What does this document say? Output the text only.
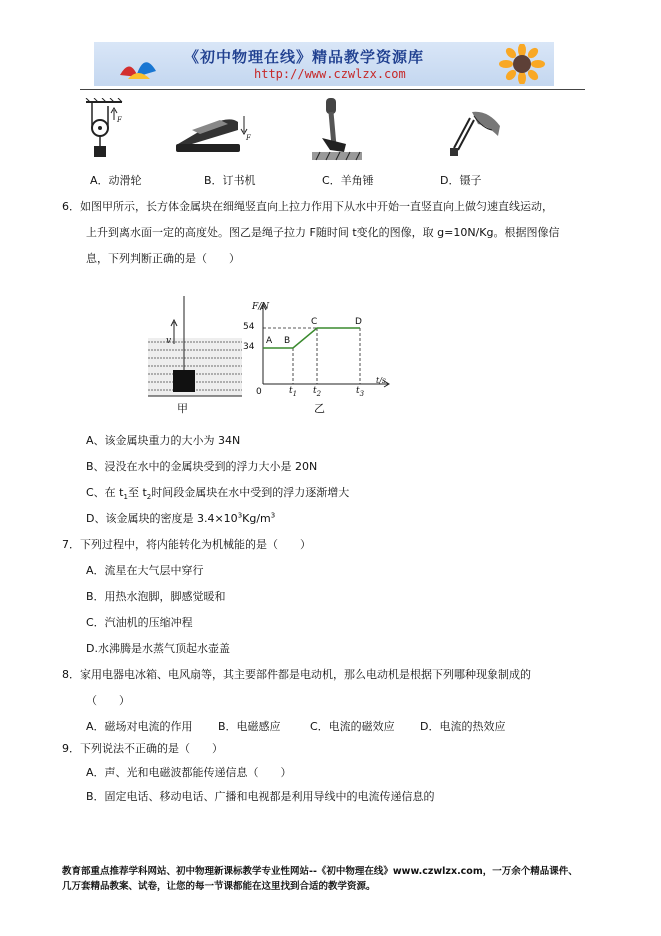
《初中物理在线》精品教学资源库
http://www.czwlzx.com
F
F
A．动滑轮	B．订书机	C．羊角锤	D．镊子
6．如图甲所示，长方体金属块在细绳竖直向上拉力作用下从水中开始一直竖直向上做匀速直线运动，
上升到离水面一定的高度处。图乙是绳子拉力 F随时间 t变化的图像，取 g=10N/Kg。根据图像信
息，下列判断正确的是（　　）
v
甲
F/N
54
34
A B
C	D
0	$t_1$ $t_2$	$t_3$
t/s
乙
A、该金属块重力的大小为 34N
B、浸没在水中的金属块受到的浮力大小是 20N
C、在 $t_1$至 $t_2$时间段金属块在水中受到的浮力逐渐增大
D、该金属块的密度是 $3.4\times 10^3Kg/m^3$
7．下列过程中，将内能转化为机械能的是（　　）
A．流星在大气层中穿行
B．用热水泡脚，脚感觉暖和
C．汽油机的压缩冲程
D.水沸腾是水蒸气顶起水壶盖
8．家用电器电冰箱、电风扇等，其主要部件都是电动机，那么电动机是根据下列哪种现象制成的
（　　）
A．磁场对电流的作用 B．电磁感应	C．电流的磁效应 D．电流的热效应
9．下列说法不正确的是（　　）
A．声、光和电磁波都能传递信息（　　）
B．固定电话、移动电话、广播和电视都是利用导线中的电流传递信息的
教育部重点推荐学科网站、初中物理新课标教学专业性网站--《初中物理在线》www.czwlzx.com，一万余个精品课件、
几万套精品教案、试卷，让您的每一节课都能在这里找到合适的教学资源。
